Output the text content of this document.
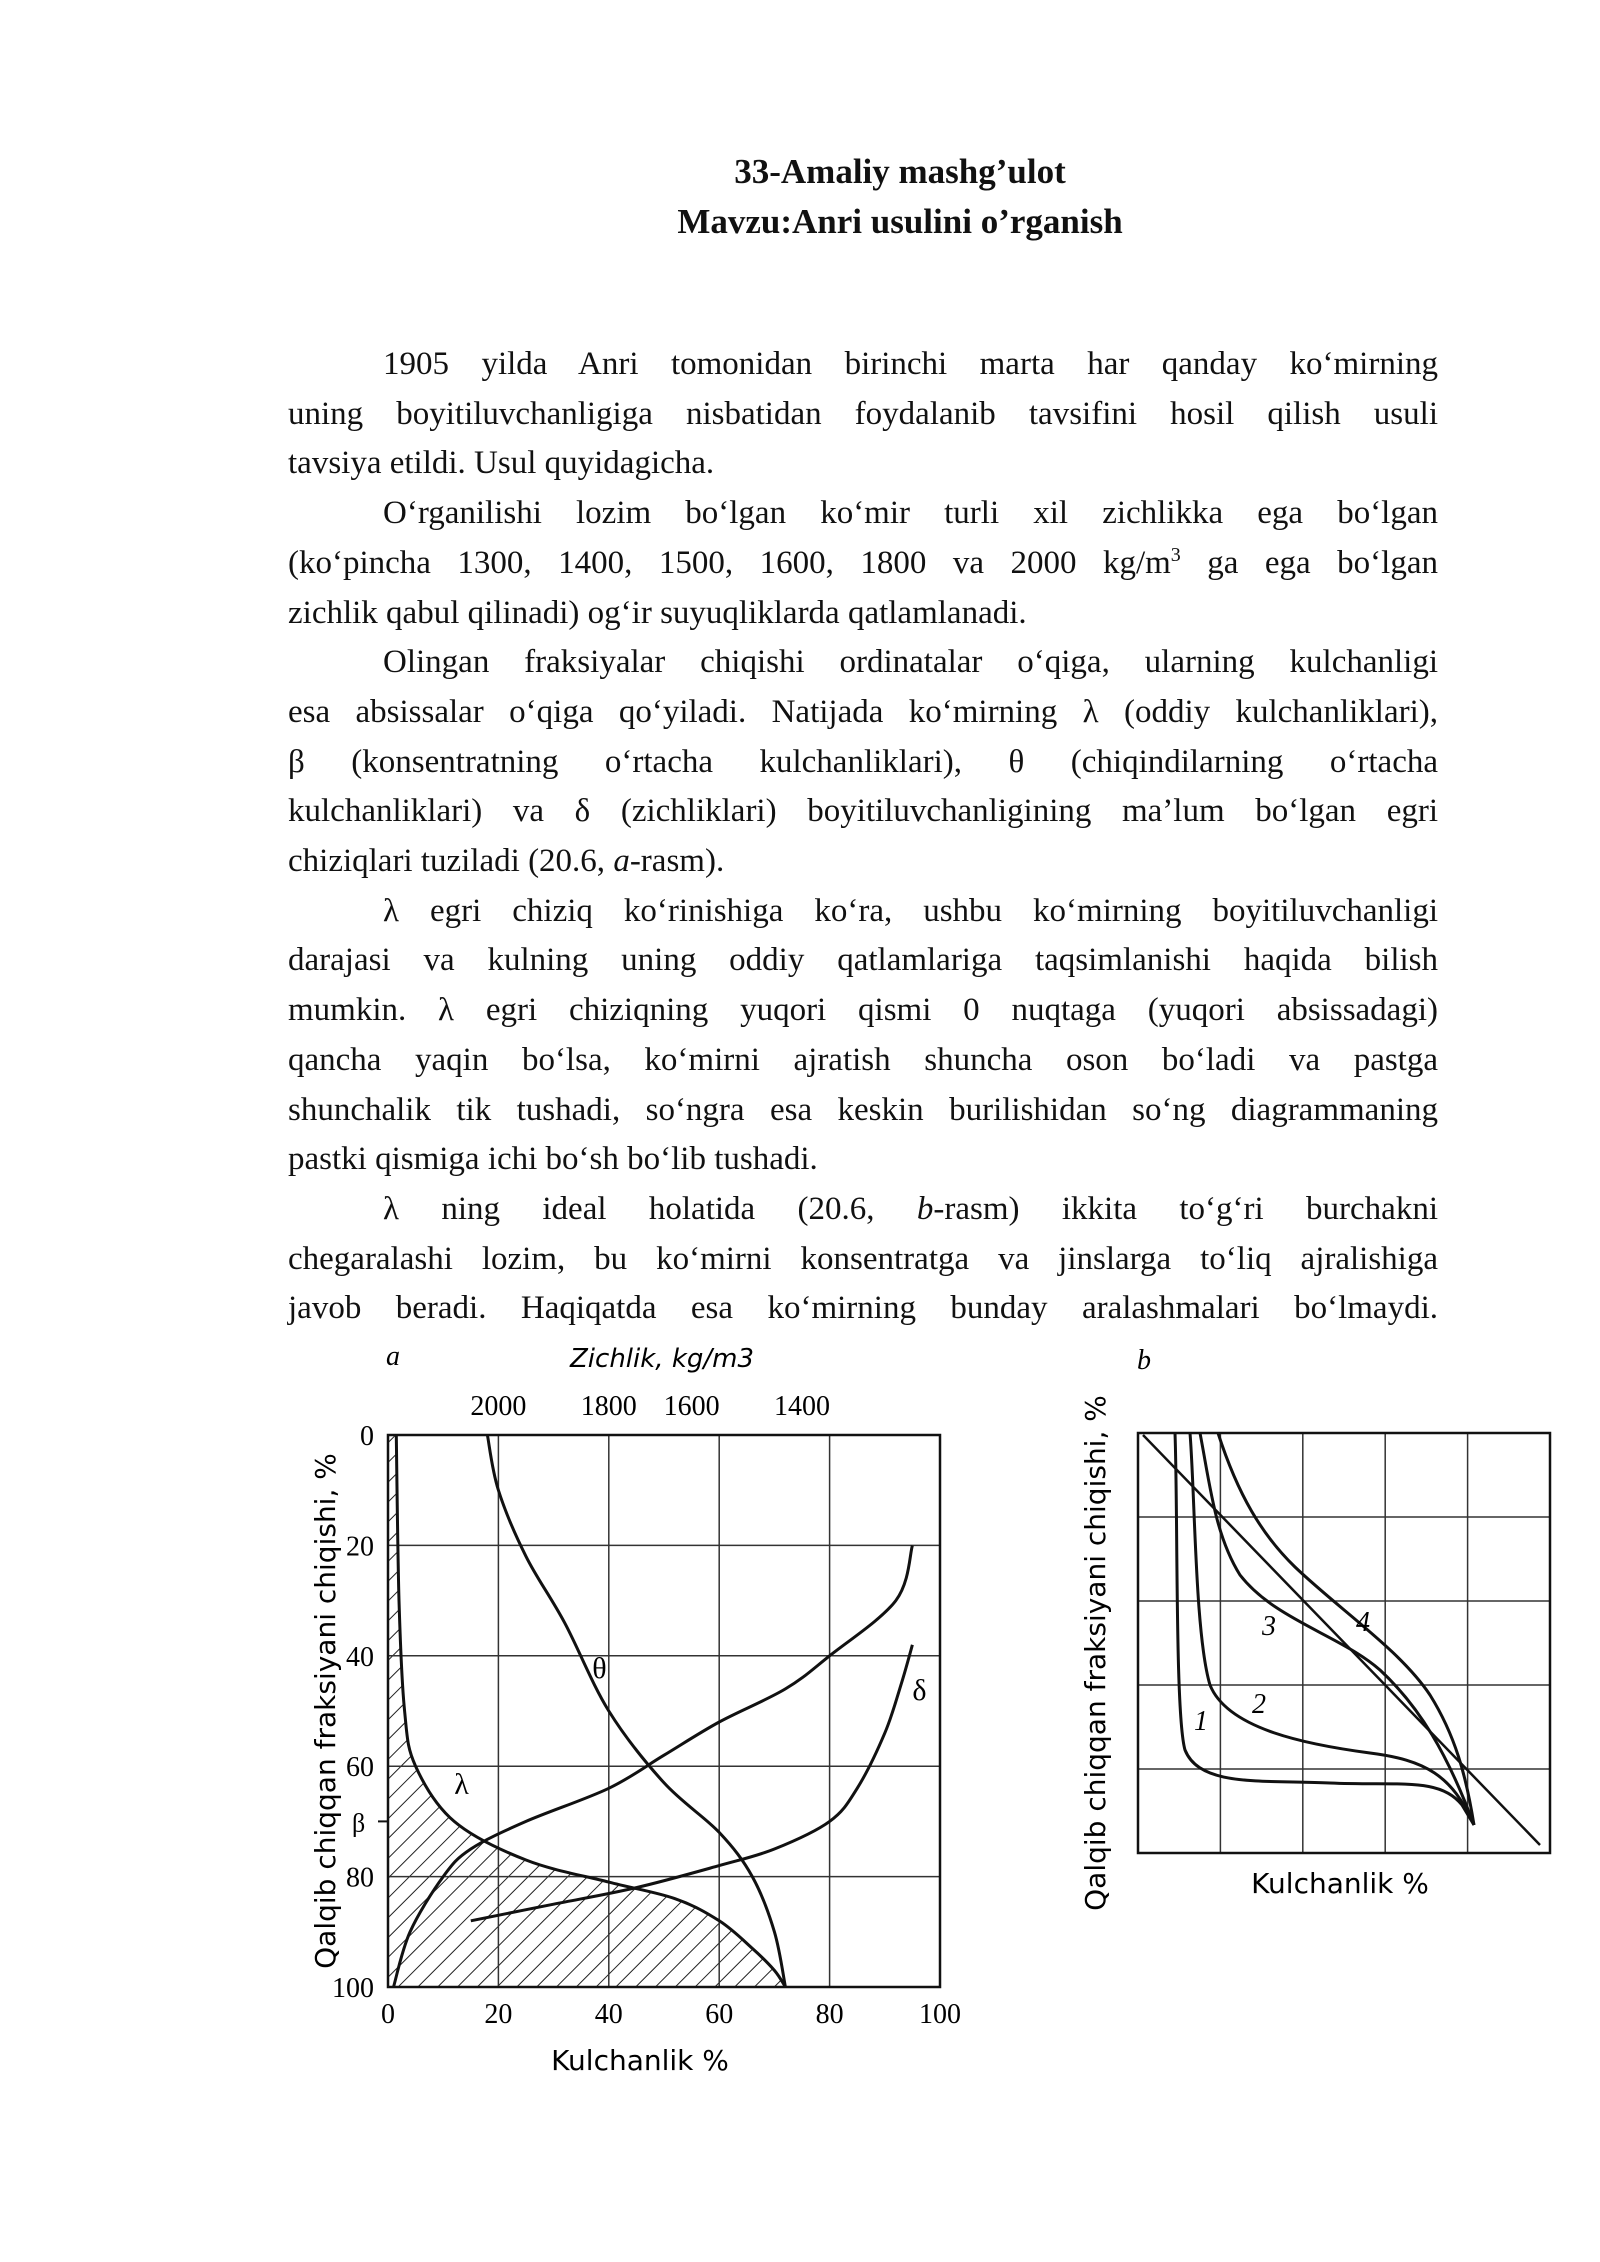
33-Amaliy mashg’ulot
Mavzu:Anri usulini o’rganish

1905 yilda Anri tomonidan birinchi marta har qanday ko‘mirning

uning boyitiluvchanligiga nisbatidan foydalanib tavsifini hosil qilish usuli

tavsiya etildi. Usul quyidagicha.

O‘rganilishi lozim bo‘lgan ko‘mir turli xil zichlikka ega bo‘lgan

(ko‘pincha 1300, 1400, 1500, 1600, 1800 va 2000 $kg/m^3$ ga ega bo‘lgan

zichlik qabul qilinadi) og‘ir suyuqliklarda qatlamlanadi.

Olingan fraksiyalar chiqishi ordinatalar o‘qiga, ularning kulchanligi

esa absissalar o‘qiga qo‘yiladi. Natijada ko‘mirning λ (oddiy kulchanliklari),

β (konsentratning o‘rtacha kulchanliklari), θ (chiqindilarning o‘rtacha

kulchanliklari) va δ (zichliklari) boyitiluvchanligining ma’lum bo‘lgan egri

chiziqlari tuziladi (20.6, a-rasm).

λ egri chiziq ko‘rinishiga ko‘ra, ushbu ko‘mirning boyitiluvchanligi

darajasi va kulning uning oddiy qatlamlariga taqsimlanishi haqida bilish

mumkin. λ egri chiziqning yuqori qismi 0 nuqtaga (yuqori absissadagi)

qancha yaqin bo‘lsa, ko‘mirni ajratish shuncha oson bo‘ladi va pastga

shunchalik tik tushadi, so‘ngra esa keskin burilishidan so‘ng diagrammaning

pastki qismiga ichi bo‘sh bo‘lib tushadi.

λ ning ideal holatida (20.6, b-rasm) ikkita to‘g‘ri burchakni

chegaralashi lozim, bu ko‘mirni konsentratga va jinslarga to‘liq ajralishiga

javob beradi. Haqiqatda esa ko‘mirning bunday aralashmalari bo‘lmaydi.

a	Zichlik, kg/m3
2000 1800 1600 1400
λ
θ
δ
0	20	40	60	80	100
0
20
40
60
80
100
β
Qalqib chiqqan fraksiyani chiqishi, %
Kulchanlik %
b
1
2
3	4
Qalqib chiqqan fraksiyani chiqishi, %	Kulchanlik %
